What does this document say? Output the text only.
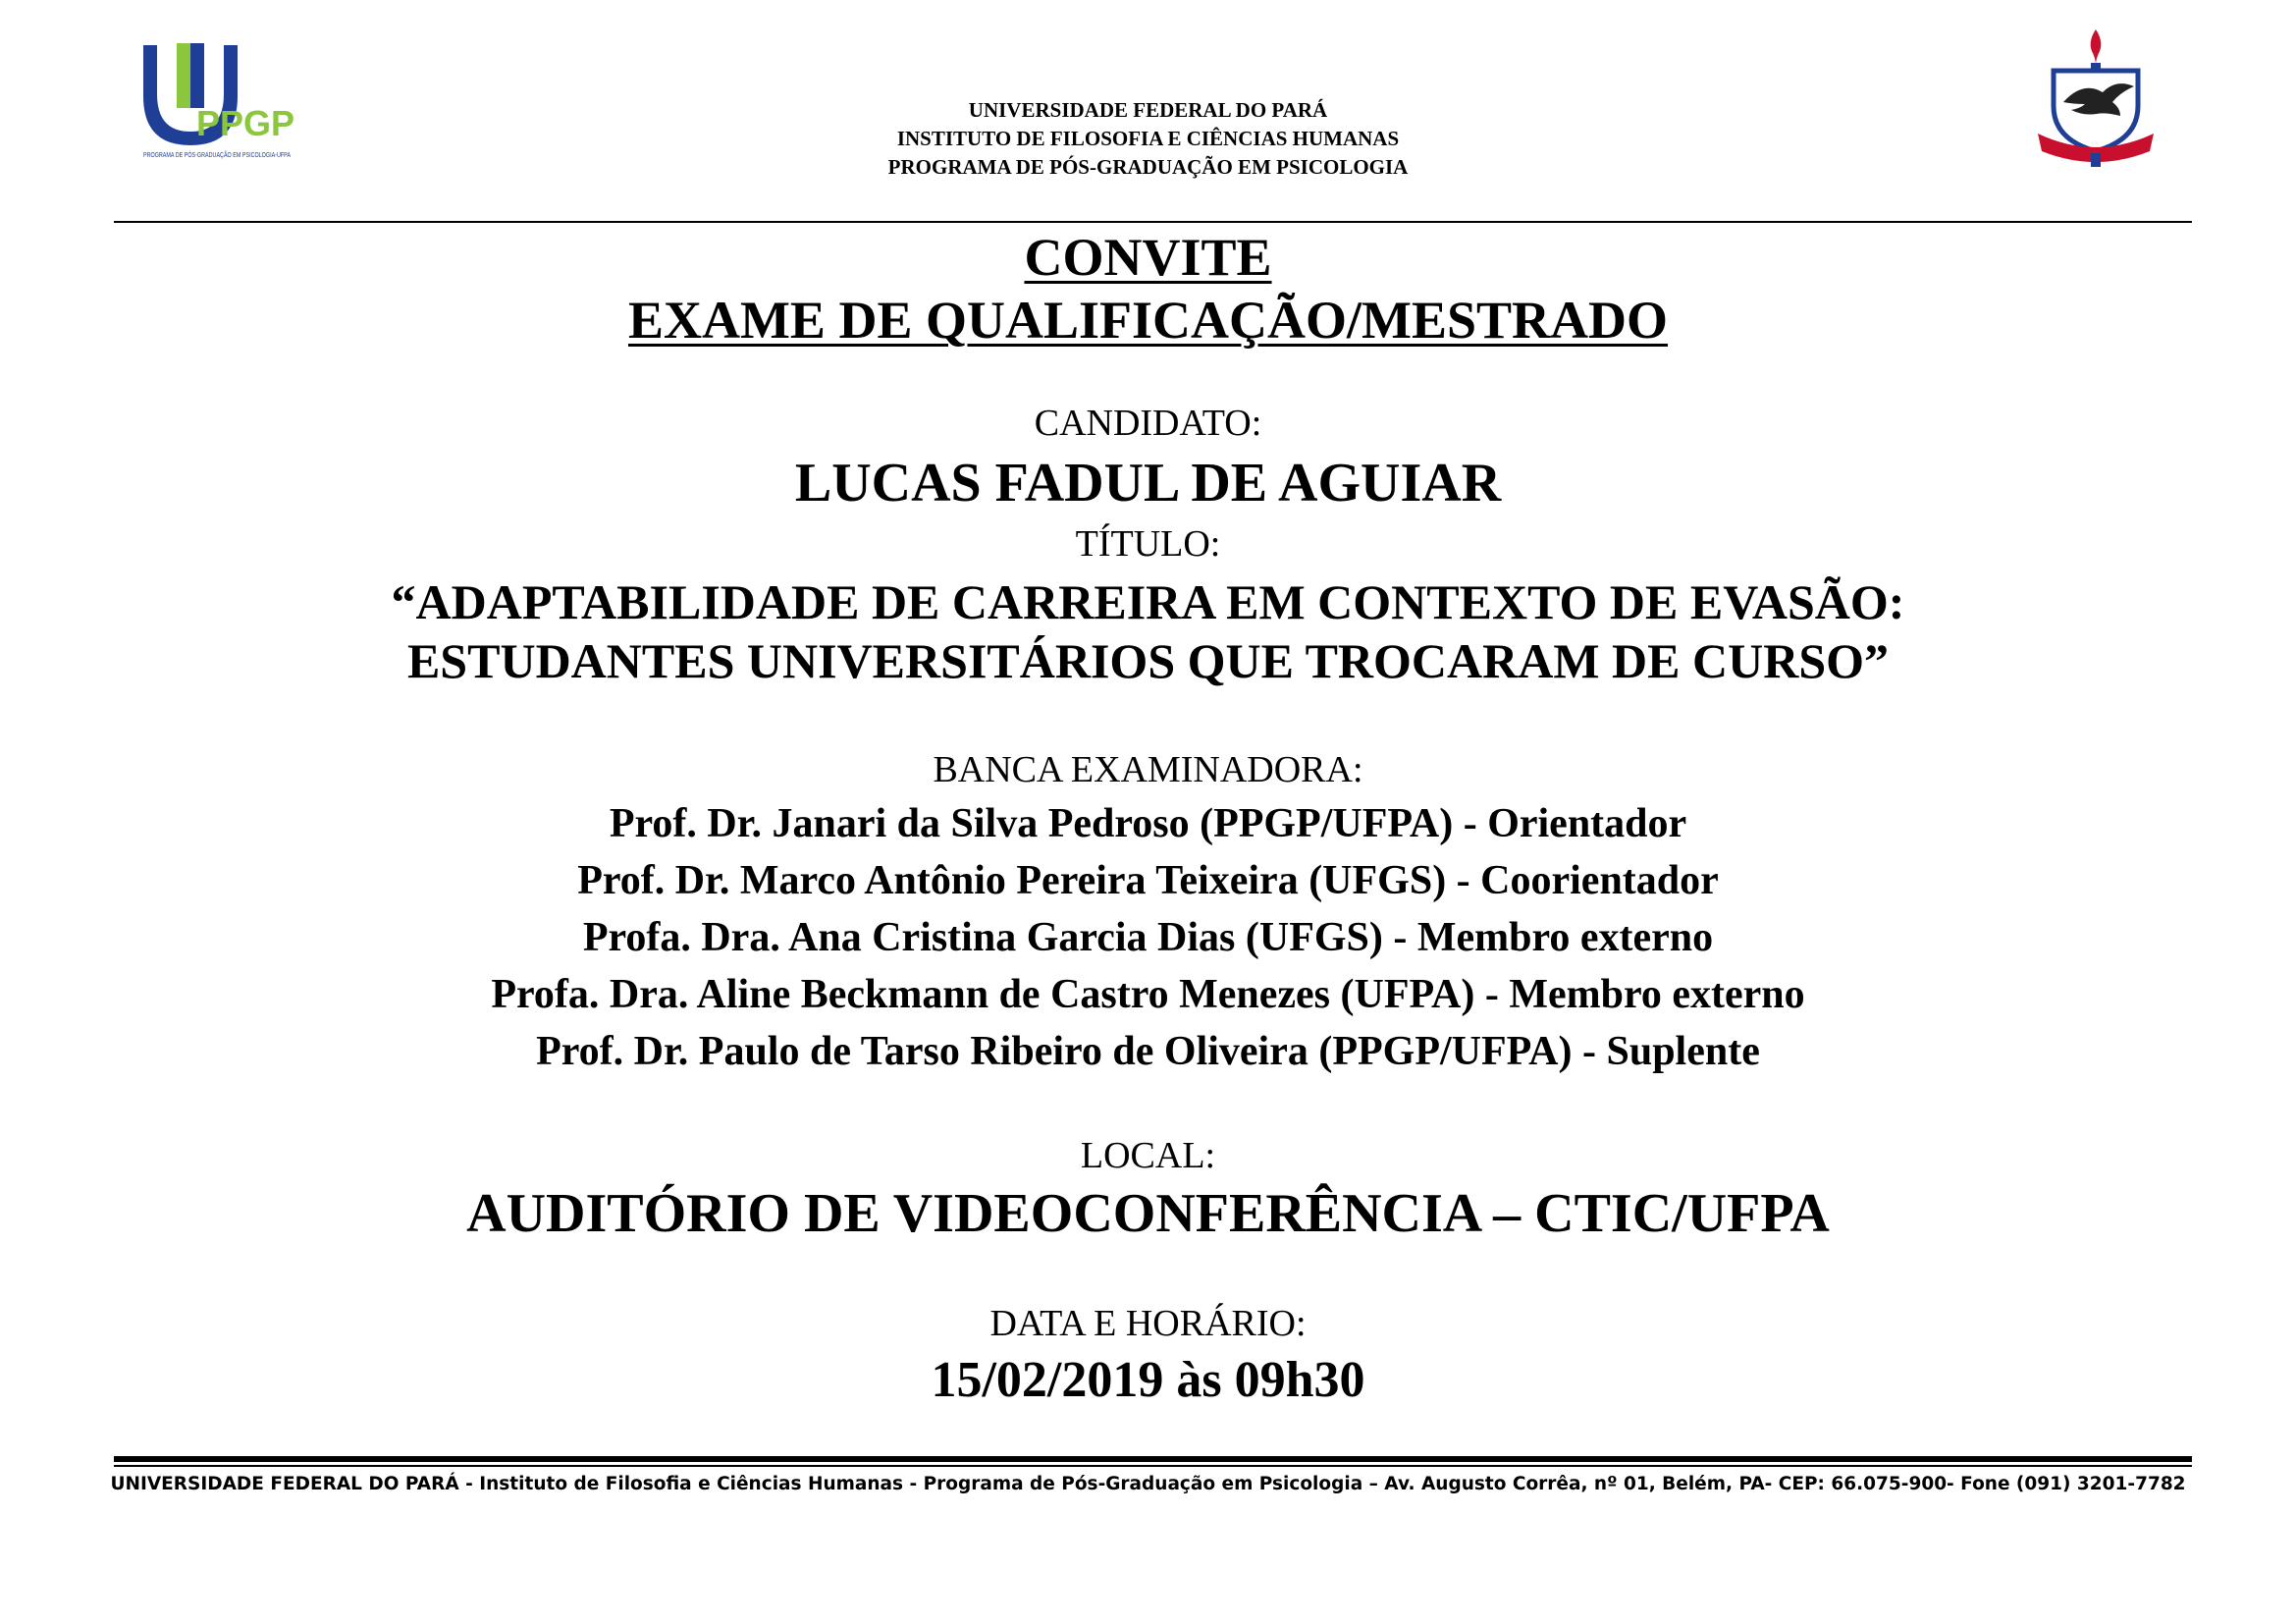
PPGP
PROGRAMA DE PÓS-GRADUAÇÃO EM PSICOLOGIA-UFPA
UNIVERSIDADE FEDERAL DO PARÁ
INSTITUTO DE FILOSOFIA E CIÊNCIAS HUMANAS
PROGRAMA DE PÓS-GRADUAÇÃO EM PSICOLOGIA
CONVITE
EXAME DE QUALIFICAÇÃO/MESTRADO
CANDIDATO:
LUCAS FADUL DE AGUIAR
TÍTULO:
“ADAPTABILIDADE DE CARREIRA EM CONTEXTO DE EVASÃO:
ESTUDANTES UNIVERSITÁRIOS QUE TROCARAM DE CURSO”
BANCA EXAMINADORA:
Prof. Dr. Janari da Silva Pedroso (PPGP/UFPA) - Orientador
Prof. Dr. Marco Antônio Pereira Teixeira (UFGS) - Coorientador
Profa. Dra. Ana Cristina Garcia Dias (UFGS) - Membro externo
Profa. Dra. Aline Beckmann de Castro Menezes (UFPA) - Membro externo
Prof. Dr. Paulo de Tarso Ribeiro de Oliveira (PPGP/UFPA) - Suplente
LOCAL:
AUDITÓRIO DE VIDEOCONFERÊNCIA – CTIC/UFPA
DATA E HORÁRIO:
15/02/2019 às 09h30
UNIVERSIDADE FEDERAL DO PARÁ - Instituto de Filosofia e Ciências Humanas - Programa de Pós-Graduação em Psicologia – Av. Augusto Corrêa, nº 01, Belém, PA- CEP: 66.075-900- Fone (091) 3201-7782
